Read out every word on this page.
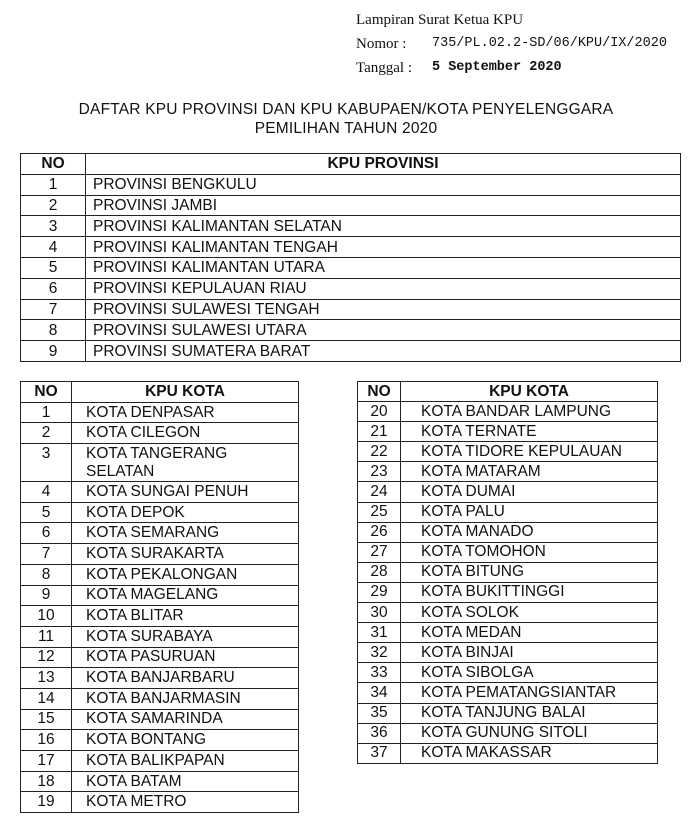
Lampiran Surat Ketua KPU
Nomor :	735/PL.02.2-SD/06/KPU/IX/2020
Tanggal :	5 September 2020
DAFTAR KPU PROVINSI DAN KPU KABUPAEN/KOTA PENYELENGGARA
PEMILIHAN TAHUN 2020
NO	KPU PROVINSI
1	PROVINSI BENGKULU
2	PROVINSI JAMBI
3	PROVINSI KALIMANTAN SELATAN
4	PROVINSI KALIMANTAN TENGAH
5	PROVINSI KALIMANTAN UTARA
6	PROVINSI KEPULAUAN RIAU
7	PROVINSI SULAWESI TENGAH
8	PROVINSI SULAWESI UTARA
9	PROVINSI SUMATERA BARAT
NO	KPU KOTA
1	KOTA DENPASAR
2	KOTA CILEGON
3	KOTA TANGERANG
SELATAN

4	KOTA SUNGAI PENUH
5	KOTA DEPOK
6	KOTA SEMARANG
7	KOTA SURAKARTA
8	KOTA PEKALONGAN
9	KOTA MAGELANG
10	KOTA BLITAR
11	KOTA SURABAYA
12	KOTA PASURUAN
13	KOTA BANJARBARU
14	KOTA BANJARMASIN
15	KOTA SAMARINDA
16	KOTA BONTANG
17	KOTA BALIKPAPAN
18	KOTA BATAM
19	KOTA METRO
NO	KPU KOTA
20	KOTA BANDAR LAMPUNG
21	KOTA TERNATE
22	KOTA TIDORE KEPULAUAN
23	KOTA MATARAM
24	KOTA DUMAI
25	KOTA PALU
26	KOTA MANADO
27	KOTA TOMOHON
28	KOTA BITUNG
29	KOTA BUKITTINGGI
30	KOTA SOLOK
31	KOTA MEDAN
32	KOTA BINJAI
33	KOTA SIBOLGA
34	KOTA PEMATANGSIANTAR
35	KOTA TANJUNG BALAI
36	KOTA GUNUNG SITOLI
37	KOTA MAKASSAR
